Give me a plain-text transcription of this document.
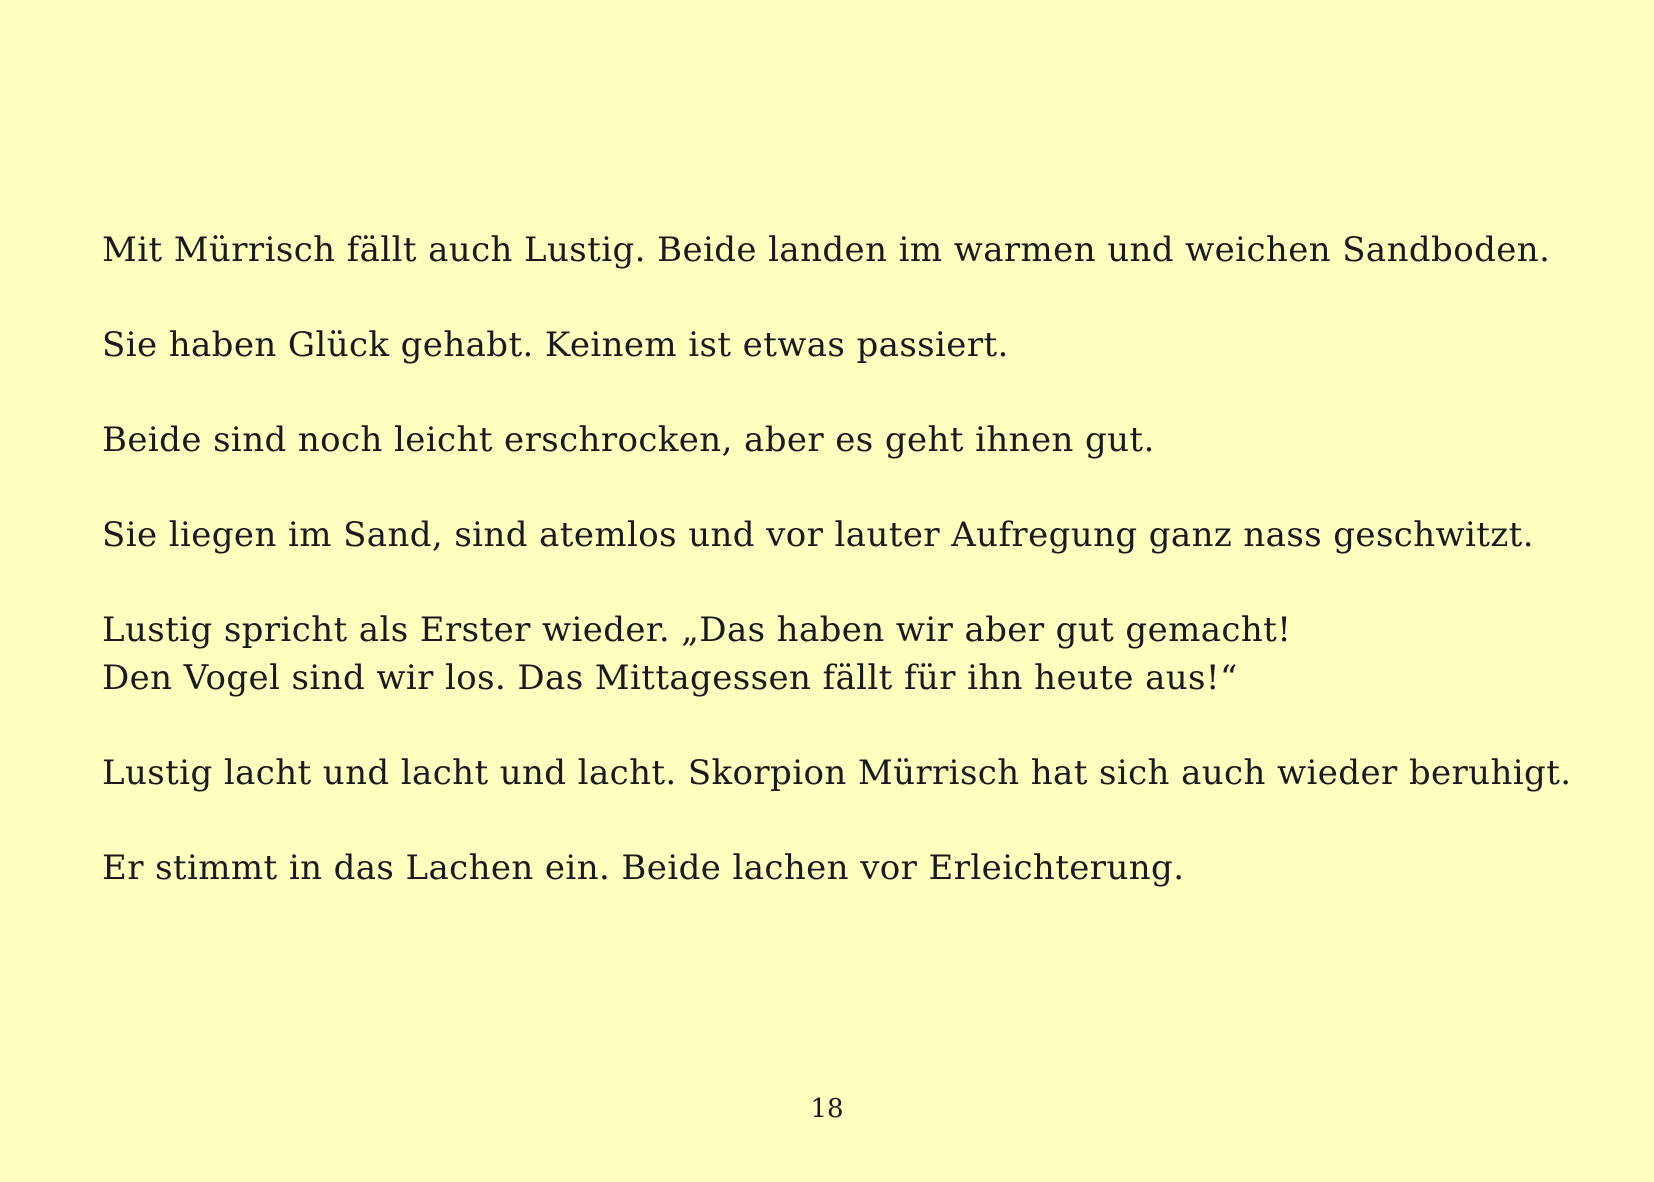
Mit Mürrisch fällt auch Lustig. Beide landen im warmen und weichen Sandboden.

Sie haben Glück gehabt. Keinem ist etwas passiert.

Beide sind noch leicht erschrocken, aber es geht ihnen gut.

Sie liegen im Sand, sind atemlos und vor lauter Aufregung ganz nass geschwitzt.

Lustig spricht als Erster wieder. „Das haben wir aber gut gemacht!
Den Vogel sind wir los. Das Mittagessen fällt für ihn heute aus!“

Lustig lacht und lacht und lacht. Skorpion Mürrisch hat sich auch wieder beruhigt.

Er stimmt in das Lachen ein. Beide lachen vor Erleichterung.

18
